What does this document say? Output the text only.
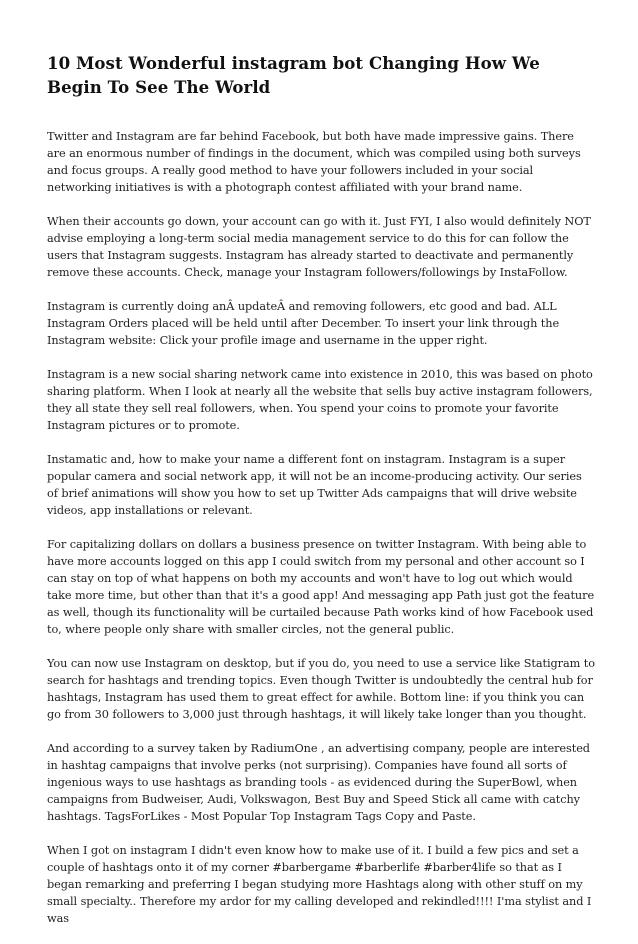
10 Most Wonderful instagram bot Changing How We Begin To See The World

Twitter and Instagram are far behind Facebook, but both have made impressive gains. There are an enormous number of findings in the document, which was compiled using both surveys and focus groups. A really good method to have your followers included in your social networking initiatives is with a photograph contest affiliated with your brand name.

When their accounts go down, your account can go with it. Just FYI, I also would definitely NOT advise employing a long-term social media management service to do this for can follow the users that Instagram suggests. Instagram has already started to deactivate and permanently remove these accounts. Check, manage your Instagram followers/followings by InstaFollow.

Instagram is currently doing anÂ updateÂ and removing followers, etc good and bad. ALL Instagram Orders placed will be held until after December. To insert your link through the Instagram website: Click your profile image and username in the upper right.

Instagram is a new social sharing network came into existence in 2010, this was based on photo sharing platform. When I look at nearly all the website that sells buy active instagram followers, they all state they sell real followers, when. You spend your coins to promote your favorite Instagram pictures or to promote.

Instamatic and, how to make your name a different font on instagram. Instagram is a super popular camera and social network app, it will not be an income-producing activity. Our series of brief animations will show you how to set up Twitter Ads campaigns that will drive website videos, app installations or relevant.

For capitalizing dollars on dollars a business presence on twitter Instagram. With being able to have more accounts logged on this app I could switch from my personal and other account so I can stay on top of what happens on both my accounts and won't have to log out which would take more time, but other than that it's a good app! And messaging app Path just got the feature as well, though its functionality will be curtailed because Path works kind of how Facebook used to, where people only share with smaller circles, not the general public.

You can now use Instagram on desktop, but if you do, you need to use a service like Statigram to search for hashtags and trending topics. Even though Twitter is undoubtedly the central hub for hashtags, Instagram has used them to great effect for awhile. Bottom line: if you think you can go from 30 followers to 3,000 just through hashtags, it will likely take longer than you thought.

And according to a survey taken by RadiumOne , an advertising company, people are interested in hashtag campaigns that involve perks (not surprising). Companies have found all sorts of ingenious ways to use hashtags as branding tools - as evidenced during the SuperBowl, when campaigns from Budweiser, Audi, Volkswagon, Best Buy and Speed Stick all came with catchy hashtags. TagsForLikes - Most Popular Top Instagram Tags Copy and Paste.

When I got on instagram I didn't even know how to make use of it. I build a few pics and set a couple of hashtags onto it of my corner #barbergame #barberlife #barber4life so that as I began remarking and preferring I began studying more Hashtags along with other stuff on my small specialty.. Therefore my ardor for my calling developed and rekindled!!!! I'ma stylist and I was
